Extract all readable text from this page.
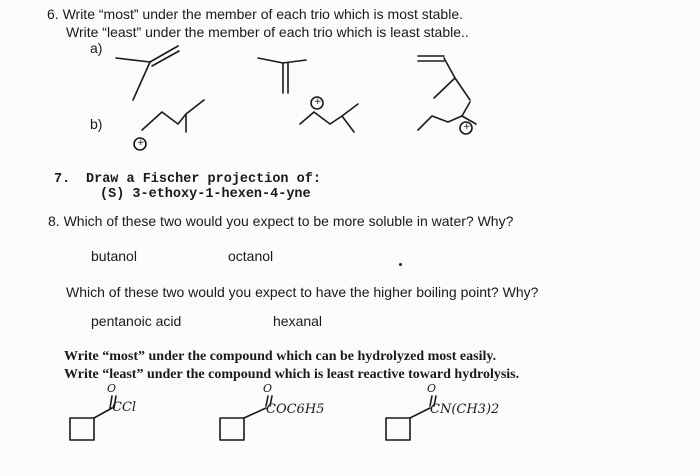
6. Write “most” under the member of each trio which is most stable.
Write “least” under the member of each trio which is least stable..
a)
b)
+
+
+
7. Draw a Fischer projection of:
(S) 3-ethoxy-1-hexen-4-yne
8. Which of these two would you expect to be more soluble in water? Why?
butanol	octanol
Which of these two would you expect to have the higher boiling point? Why?
pentanoic acid	hexanal
Write “most” under the compound which can be hydrolyzed most easily.
Write “least” under the compound which is least reactive toward hydrolysis.
O
CCl
O
COC6H5
O
CN(CH3)2
